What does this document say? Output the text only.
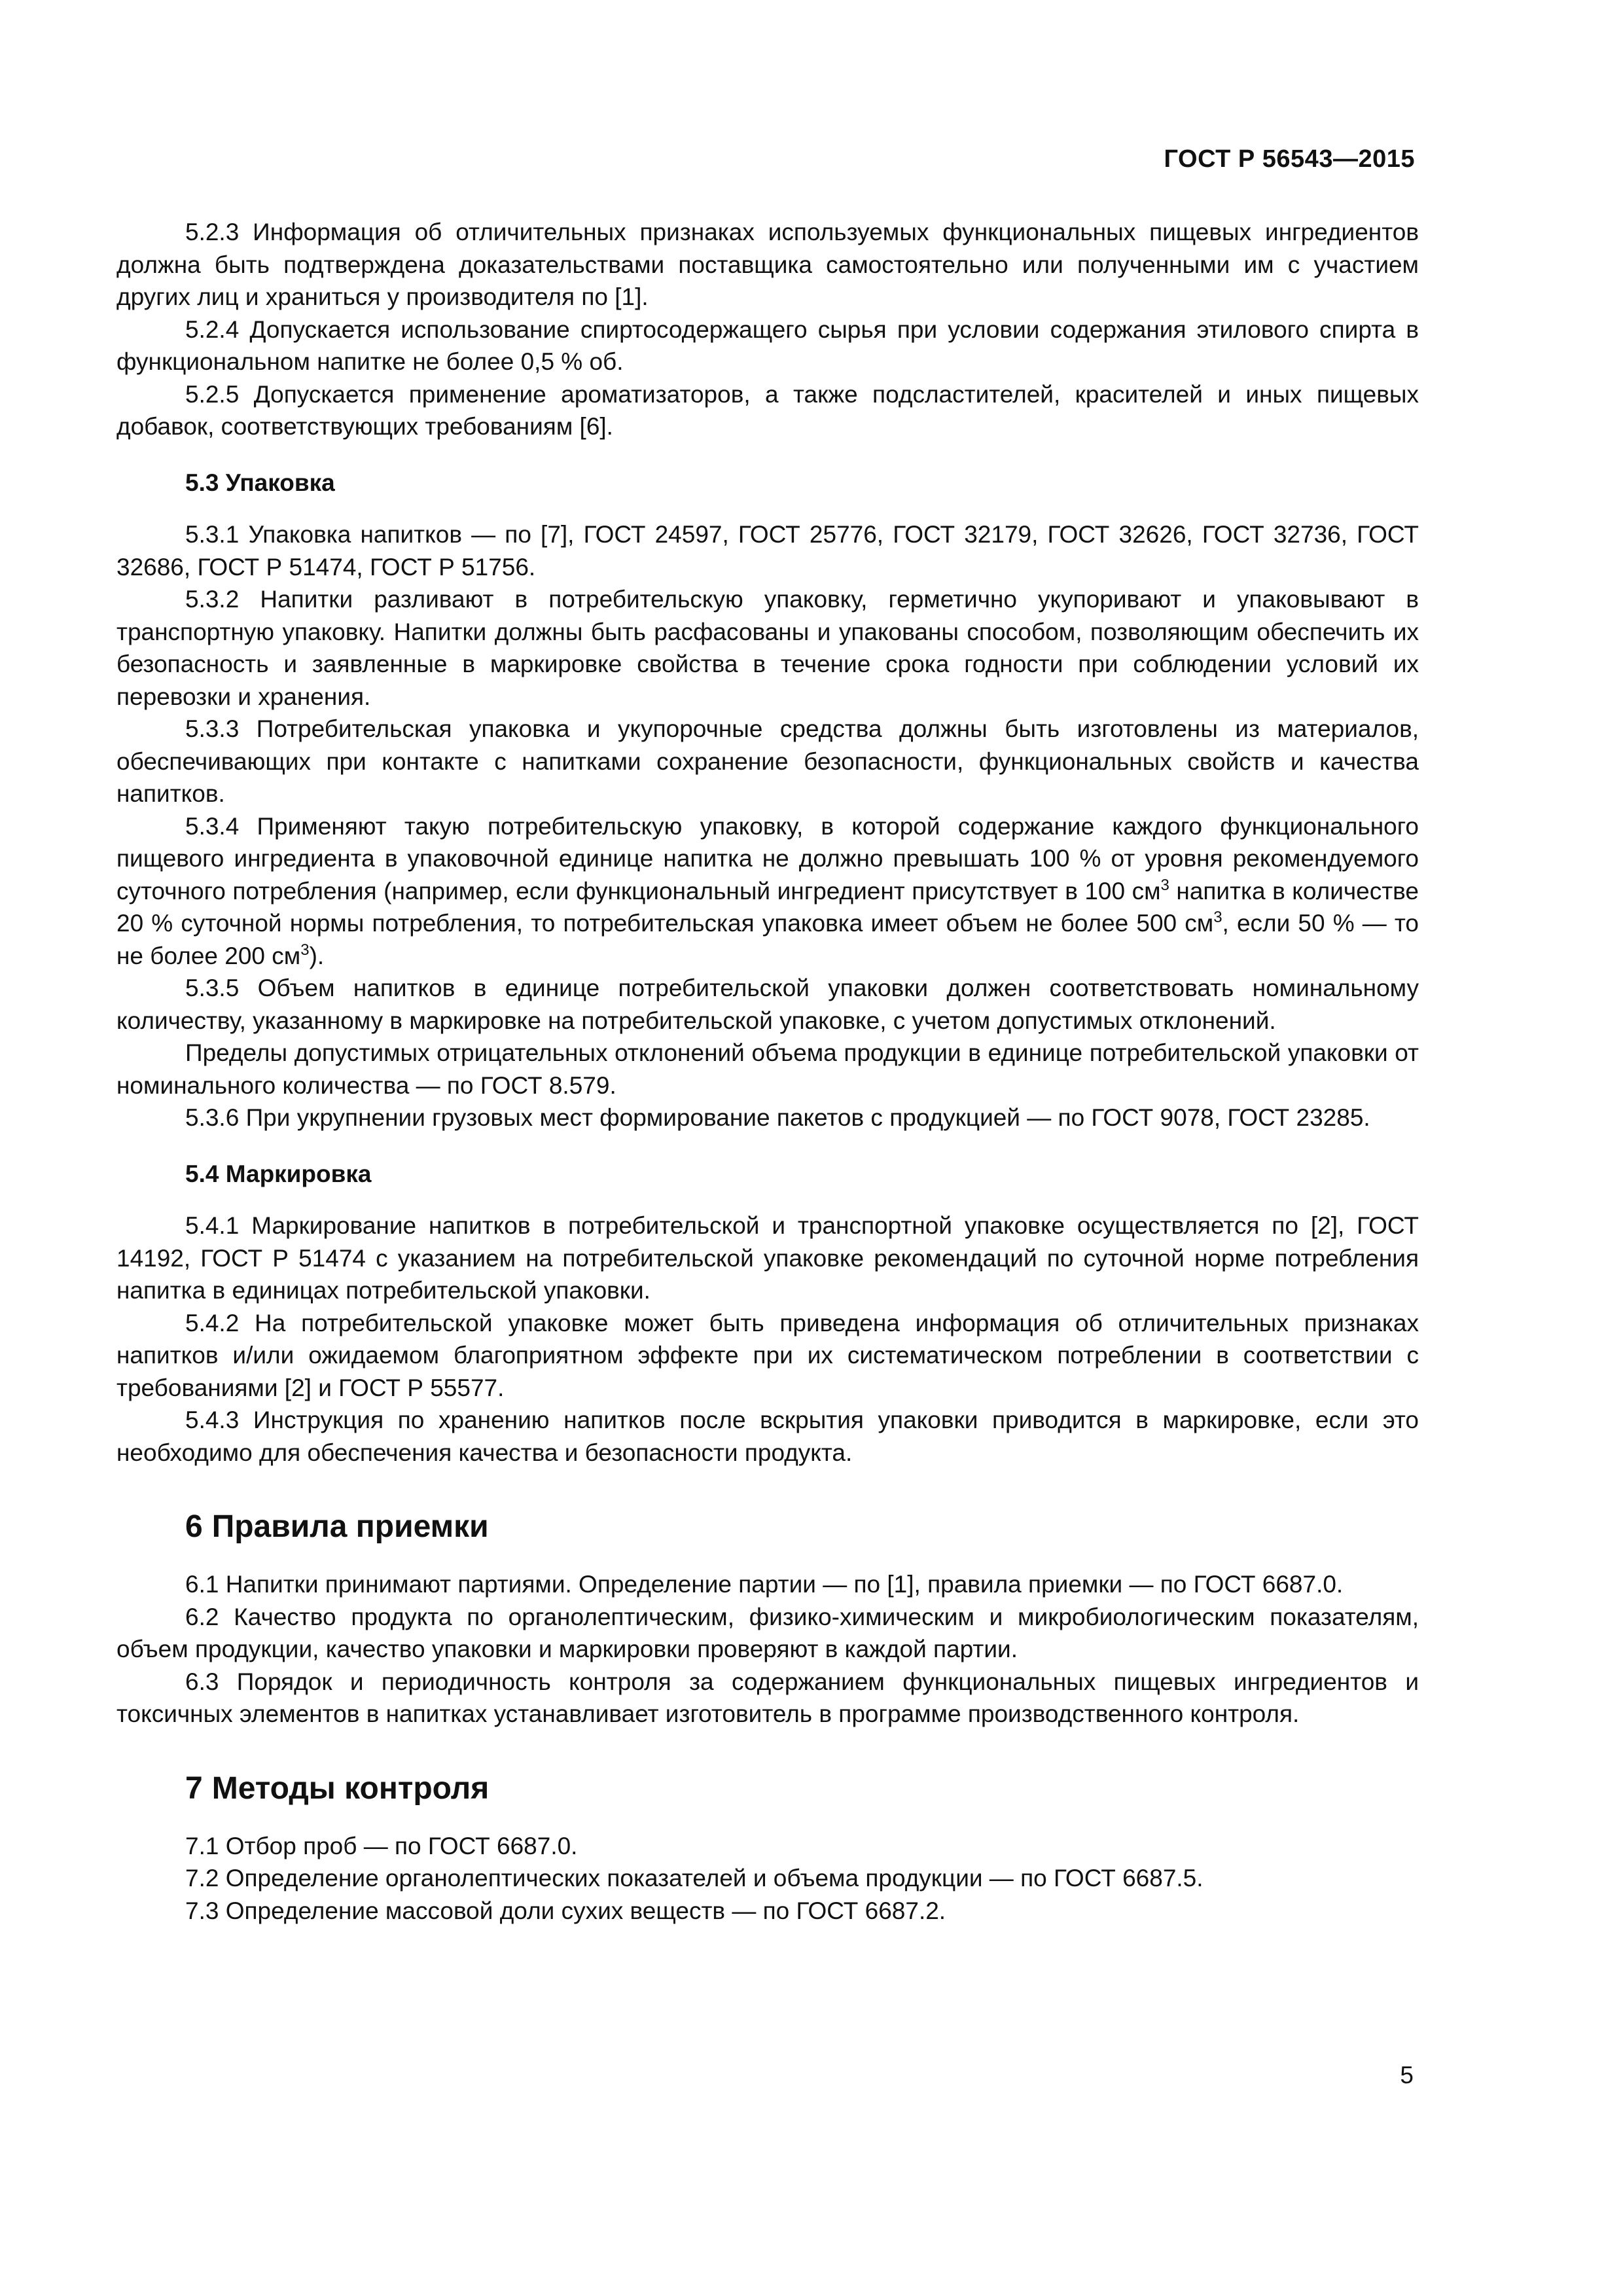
ГОСТ Р 56543—2015

5.2.3 Информация об отличительных признаках используемых функциональных пищевых ингредиентов должна быть подтверждена доказательствами поставщика самостоятельно или полученными им с участием других лиц и храниться у производителя по [1].

5.2.4 Допускается использование спиртосодержащего сырья при условии содержания этилового спирта в функциональном напитке не более 0,5 % об.

5.2.5 Допускается применение ароматизаторов, а также подсластителей, красителей и иных пищевых добавок, соответствующих требованиям [6].

5.3 Упаковка

5.3.1 Упаковка напитков — по [7], ГОСТ 24597, ГОСТ 25776, ГОСТ 32179, ГОСТ 32626, ГОСТ 32736, ГОСТ 32686, ГОСТ Р 51474, ГОСТ Р 51756.

5.3.2 Напитки разливают в потребительскую упаковку, герметично укупоривают и упаковывают в транспортную упаковку. Напитки должны быть расфасованы и упакованы способом, позволяющим обеспечить их безопасность и заявленные в маркировке свойства в течение срока годности при соблюдении условий их перевозки и хранения.

5.3.3 Потребительская упаковка и укупорочные средства должны быть изготовлены из материалов, обеспечивающих при контакте с напитками сохранение безопасности, функциональных свойств и качества напитков.

5.3.4 Применяют такую потребительскую упаковку, в которой содержание каждого функционального пищевого ингредиента в упаковочной единице напитка не должно превышать 100 % от уровня рекомендуемого суточного потребления (например, если функциональный ингредиент присутствует в 100 $см^3$ напитка в количестве 20 % суточной нормы потребления, то потребительская упаковка имеет объем не более 500 $см^3$, если 50 % — то не более 200 $см^3$).

5.3.5 Объем напитков в единице потребительской упаковки должен соответствовать номинальному количеству, указанному в маркировке на потребительской упаковке, с учетом допустимых отклонений.

Пределы допустимых отрицательных отклонений объема продукции в единице потребительской упаковки от номинального количества — по ГОСТ 8.579.

5.3.6 При укрупнении грузовых мест формирование пакетов с продукцией — по ГОСТ 9078, ГОСТ 23285.

5.4 Маркировка

5.4.1 Маркирование напитков в потребительской и транспортной упаковке осуществляется по [2], ГОСТ 14192, ГОСТ Р 51474 с указанием на потребительской упаковке рекомендаций по суточной норме потребления напитка в единицах потребительской упаковки.

5.4.2 На потребительской упаковке может быть приведена информация об отличительных признаках напитков и/или ожидаемом благоприятном эффекте при их систематическом потреблении в соответствии с требованиями [2] и ГОСТ Р 55577.

5.4.3 Инструкция по хранению напитков после вскрытия упаковки приводится в маркировке, если это необходимо для обеспечения качества и безопасности продукта.

6 Правила приемки

6.1 Напитки принимают партиями. Определение партии — по [1], правила приемки — по ГОСТ 6687.0.

6.2 Качество продукта по органолептическим, физико-химическим и микробиологическим показателям, объем продукции, качество упаковки и маркировки проверяют в каждой партии.

6.3 Порядок и периодичность контроля за содержанием функциональных пищевых ингредиентов и токсичных элементов в напитках устанавливает изготовитель в программе производственного контроля.

7 Методы контроля

7.1 Отбор проб — по ГОСТ 6687.0.

7.2 Определение органолептических показателей и объема продукции — по ГОСТ 6687.5.

7.3 Определение массовой доли сухих веществ — по ГОСТ 6687.2.

5
